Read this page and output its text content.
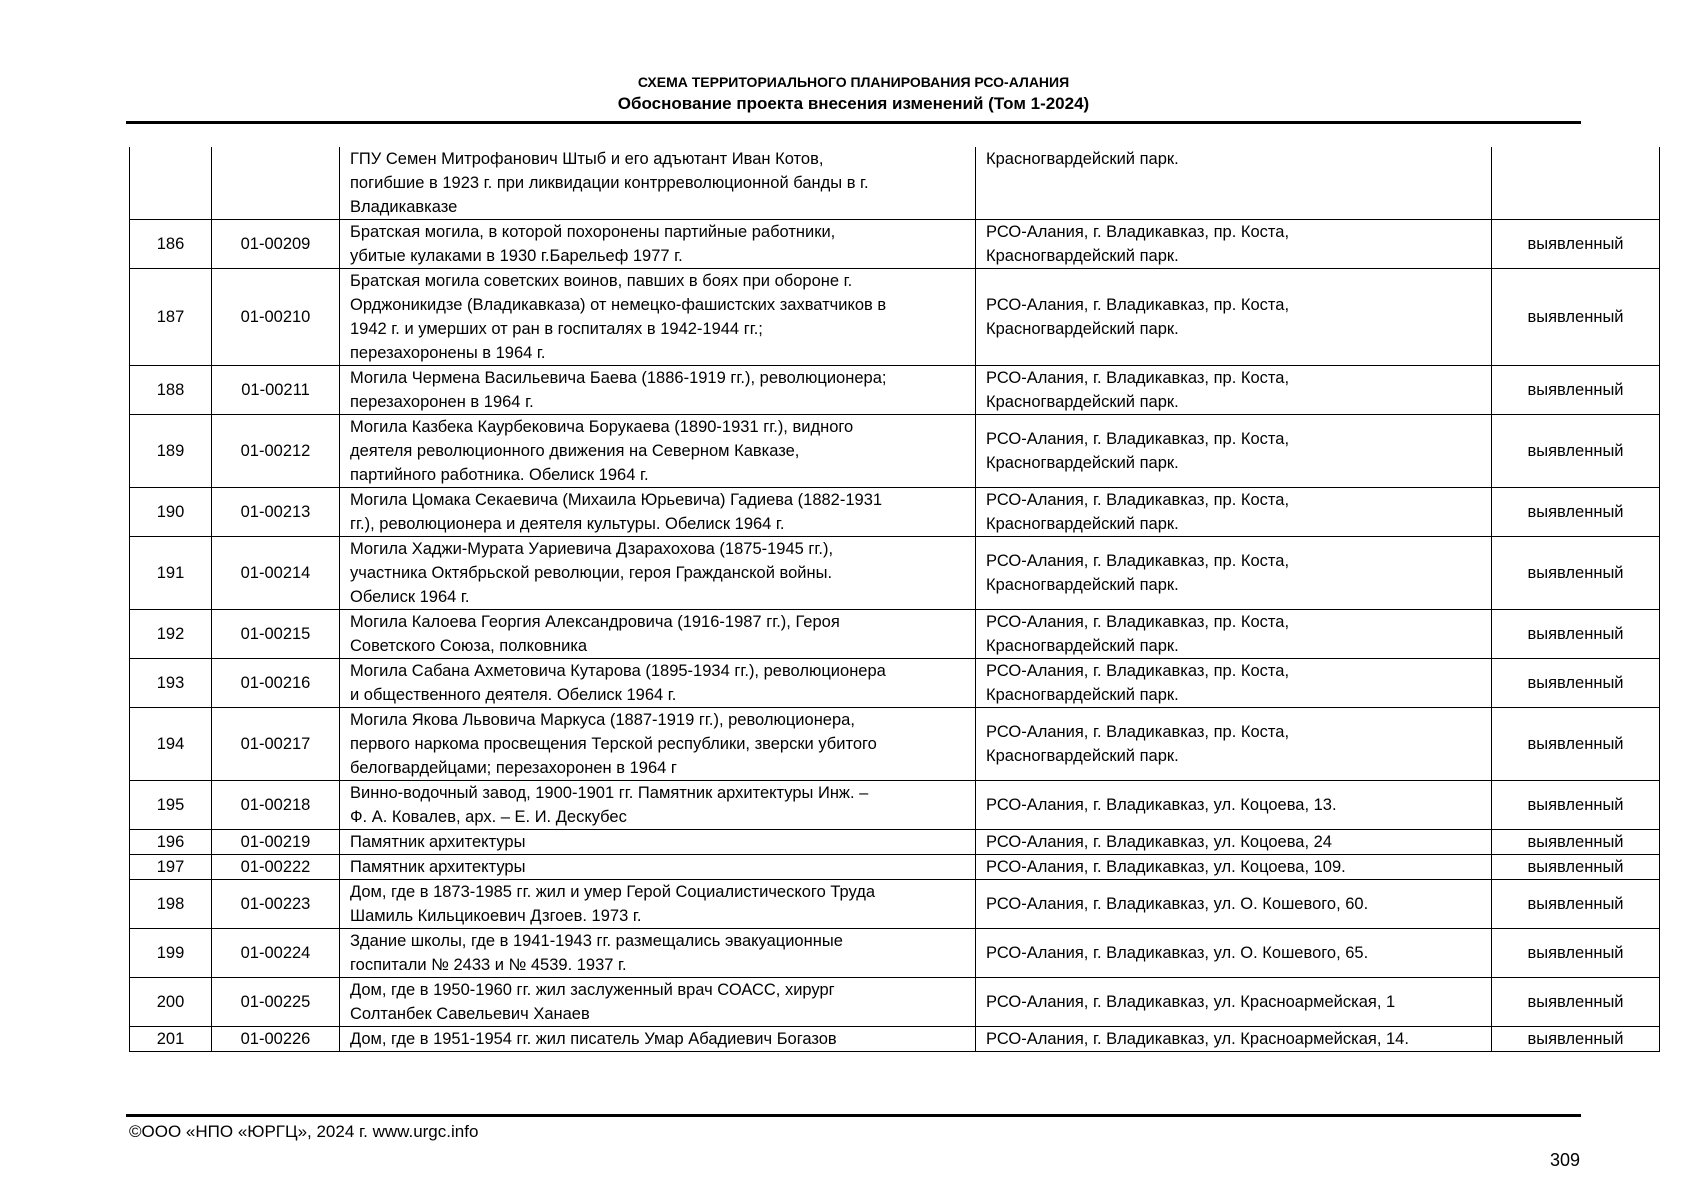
СХЕМА ТЕРРИТОРИАЛЬНОГО ПЛАНИРОВАНИЯ РСО-АЛАНИЯ
Обоснование проекта внесения изменений (Том 1-2024)
		ГПУ Семен Митрофанович Штыб и его адъютант Иван Котов,
погибшие в 1923 г. при ликвидации контрреволюционной банды в г.
Владикавказе	Красногвардейский парк.	
186	01-00209	Братская могила, в которой похоронены партийные работники,
убитые кулаками в 1930 г.Барельеф 1977 г.	РСО-Алания, г. Владикавказ, пр. Коста,
Красногвардейский парк.	выявленный
187	01-00210	Братская могила советских воинов, павших в боях при обороне г.
Орджоникидзе (Владикавказа) от немецко-фашистских захватчиков в
1942 г. и умерших от ран в госпиталях в 1942-1944 гг.;
перезахоронены в 1964 г.	РСО-Алания, г. Владикавказ, пр. Коста,
Красногвардейский парк.	выявленный
188	01-00211	Могила Чермена Васильевича Баева (1886-1919 гг.), революционера;
перезахоронен в 1964 г.	РСО-Алания, г. Владикавказ, пр. Коста,
Красногвардейский парк.	выявленный
189	01-00212	Могила Казбека Каурбековича Борукаева (1890-1931 гг.), видного
деятеля революционного движения на Северном Кавказе,
партийного работника. Обелиск 1964 г.	РСО-Алания, г. Владикавказ, пр. Коста,
Красногвардейский парк.	выявленный
190	01-00213	Могила Цомака Секаевича (Михаила Юрьевича) Гадиева (1882-1931
гг.), революционера и деятеля культуры. Обелиск 1964 г.	РСО-Алания, г. Владикавказ, пр. Коста,
Красногвардейский парк.	выявленный
191	01-00214	Могила Хаджи-Мурата Уариевича Дзарахохова (1875-1945 гг.),
участника Октябрьской революции, героя Гражданской войны.
Обелиск 1964 г.	РСО-Алания, г. Владикавказ, пр. Коста,
Красногвардейский парк.	выявленный
192	01-00215	Могила Калоева Георгия Александровича (1916-1987 гг.), Героя
Советского Союза, полковника	РСО-Алания, г. Владикавказ, пр. Коста,
Красногвардейский парк.	выявленный
193	01-00216	Могила Сабана Ахметовича Кутарова (1895-1934 гг.), революционера
и общественного деятеля. Обелиск 1964 г.	РСО-Алания, г. Владикавказ, пр. Коста,
Красногвардейский парк.	выявленный
194	01-00217	Могила Якова Львовича Маркуса (1887-1919 гг.), революционера,
первого наркома просвещения Терской республики, зверски убитого
белогвардейцами; перезахоронен в 1964 г	РСО-Алания, г. Владикавказ, пр. Коста,
Красногвардейский парк.	выявленный
195	01-00218	Винно-водочный завод, 1900-1901 гг. Памятник архитектуры Инж. –
Ф. А. Ковалев, арх. – Е. И. Дескубес	РСО-Алания, г. Владикавказ, ул. Коцоева, 13.	выявленный
196	01-00219	Памятник архитектуры	РСО-Алания, г. Владикавказ, ул. Коцоева, 24	выявленный
197	01-00222	Памятник архитектуры	РСО-Алания, г. Владикавказ, ул. Коцоева, 109.	выявленный
198	01-00223	Дом, где в 1873-1985 гг. жил и умер Герой Социалистического Труда
Шамиль Кильцикоевич Дзгоев. 1973 г.	РСО-Алания, г. Владикавказ, ул. О. Кошевого, 60.	выявленный
199	01-00224	Здание школы, где в 1941-1943 гг. размещались эвакуационные
госпитали № 2433 и № 4539. 1937 г.	РСО-Алания, г. Владикавказ, ул. О. Кошевого, 65.	выявленный
200	01-00225	Дом, где в 1950-1960 гг. жил заслуженный врач СОАСС, хирург
Солтанбек Савельевич Ханаев	РСО-Алания, г. Владикавказ, ул. Красноармейская, 1	выявленный
201	01-00226	Дом, где в 1951-1954 гг. жил писатель Умар Абадиевич Богазов	РСО-Алания, г. Владикавказ, ул. Красноармейская, 14.	выявленный
©ООО «НПО «ЮРГЦ», 2024 г. www.urgc.info
309
